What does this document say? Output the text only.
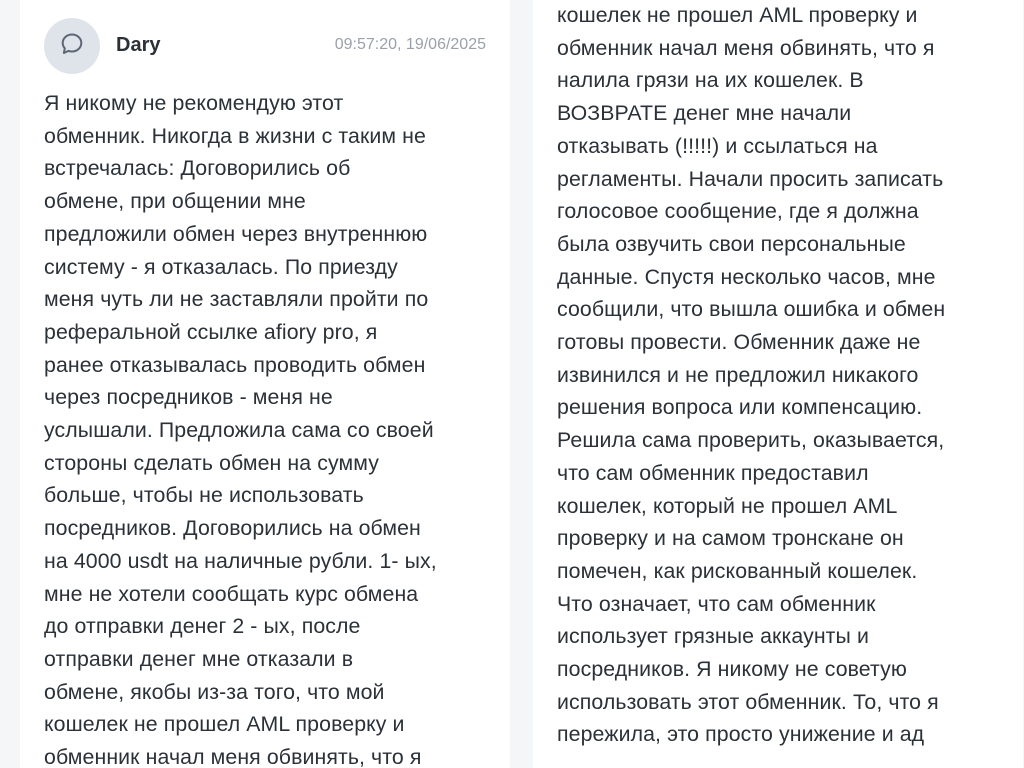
Dary	09:57:20, 19/06/2025

Я никому не рекомендую этот
обменник. Никогда в жизни с таким не
встречалась: Договорились об
обмене, при общении мне
предложили обмен через внутреннюю
систему - я отказалась. По приезду
меня чуть ли не заставляли пройти по
реферальной ссылке afiory pro, я
ранее отказывалась проводить обмен
через посредников - меня не
услышали. Предложила сама со своей
стороны сделать обмен на сумму
больше, чтобы не использовать
посредников. Договорились на обмен
на 4000 usdt на наличные рубли. 1- ых,
мне не хотели сообщать курс обмена
до отправки денег 2 - ых, после
отправки денег мне отказали в
обмене, якобы из-за того, что мой
кошелек не прошел AML проверку и
обменник начал меня обвинять, что я

кошелек не прошел AML проверку и
обменник начал меня обвинять, что я
налила грязи на их кошелек. В
ВОЗВРАТЕ денег мне начали
отказывать (!!!!!) и ссылаться на
регламенты. Начали просить записать
голосовое сообщение, где я должна
была озвучить свои персональные
данные. Спустя несколько часов, мне
сообщили, что вышла ошибка и обмен
готовы провести. Обменник даже не
извинился и не предложил никакого
решения вопроса или компенсацию.
Решила сама проверить, оказывается,
что сам обменник предоставил
кошелек, который не прошел AML
проверку и на самом тронскане он
помечен, как рискованный кошелек.
Что означает, что сам обменник
использует грязные аккаунты и
посредников. Я никому не советую
использовать этот обменник. То, что я
пережила, это просто унижение и ад
